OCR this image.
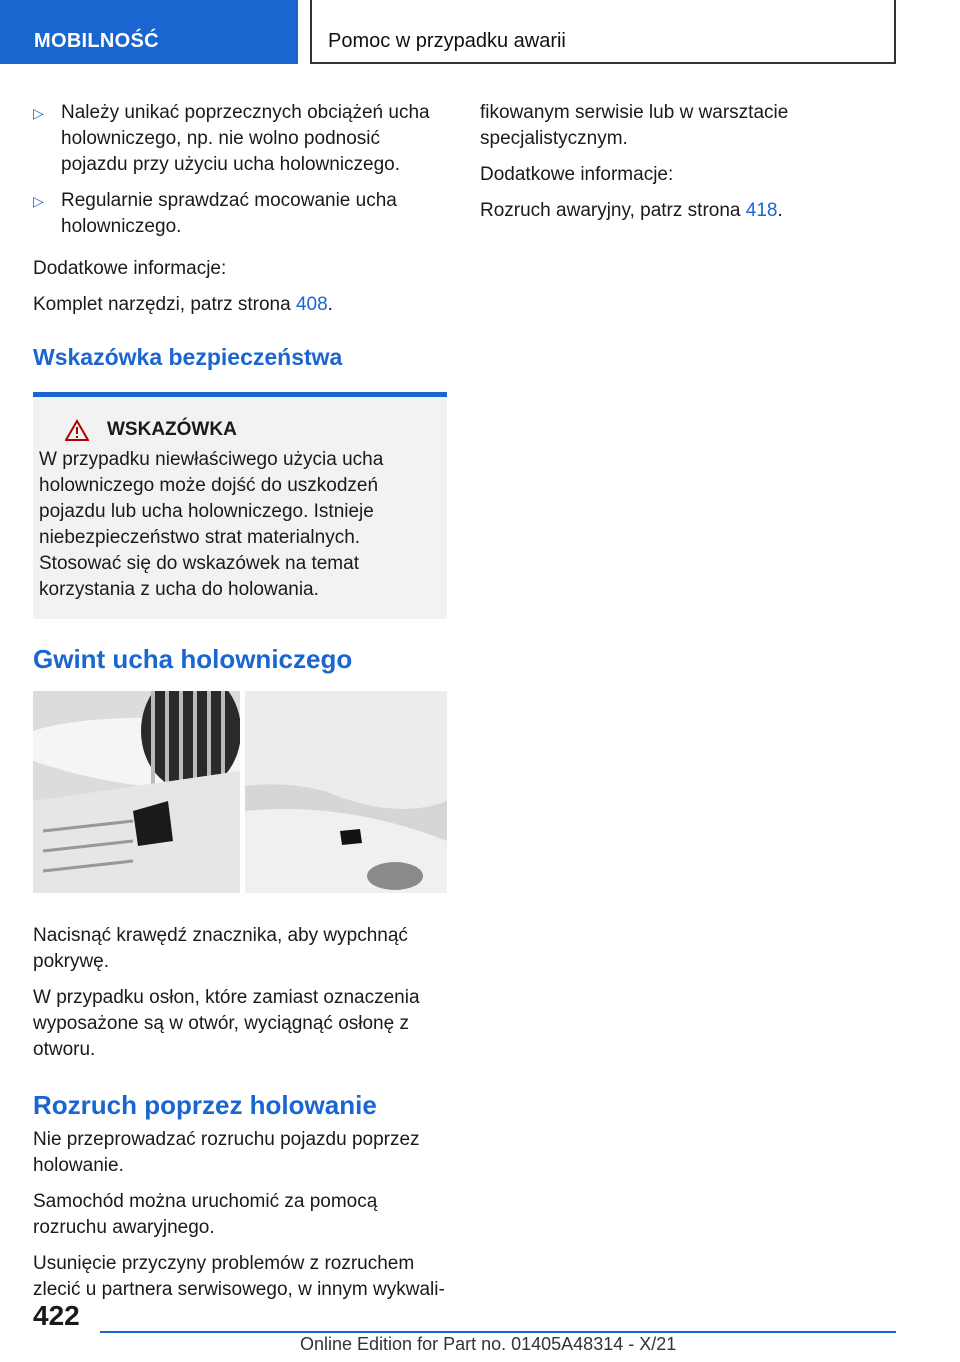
MOBILNOŚĆ	Pomoc w przypadku awarii
▷ Należy unikać poprzecznych obciążeń ucha holowniczego, np. nie wolno podnosić pojazdu przy użyciu ucha holowniczego.
▷ Regularnie sprawdzać mocowanie ucha holowniczego.

Dodatkowe informacje:

Komplet narzędzi, patrz strona 408.

Wskazówka bezpieczeństwa
WSKAZÓWKA
W przypadku niewłaściwego użycia ucha holowniczego może dojść do uszkodzeń pojazdu lub ucha holowniczego. Istnieje niebezpieczeństwo strat materialnych. Stosować się do wskazówek na temat korzystania z ucha do holowania.
Gwint ucha holowniczego

Nacisnąć krawędź znacznika, aby wypchnąć pokrywę.

W przypadku osłon, które zamiast oznaczenia wyposażone są w otwór, wyciągnąć osłonę z otworu.

Rozruch poprzez holowanie

Nie przeprowadzać rozruchu pojazdu poprzez holowanie.

Samochód można uruchomić za pomocą rozruchu awaryjnego.

Usunięcie przyczyny problemów z rozruchem zlecić u partnera serwisowego, w innym wykwali-

fikowanym serwisie lub w warsztacie specjalistycznym.

Dodatkowe informacje:

Rozruch awaryjny, patrz strona 418.

422
Online Edition for Part no. 01405A48314 - X/21
